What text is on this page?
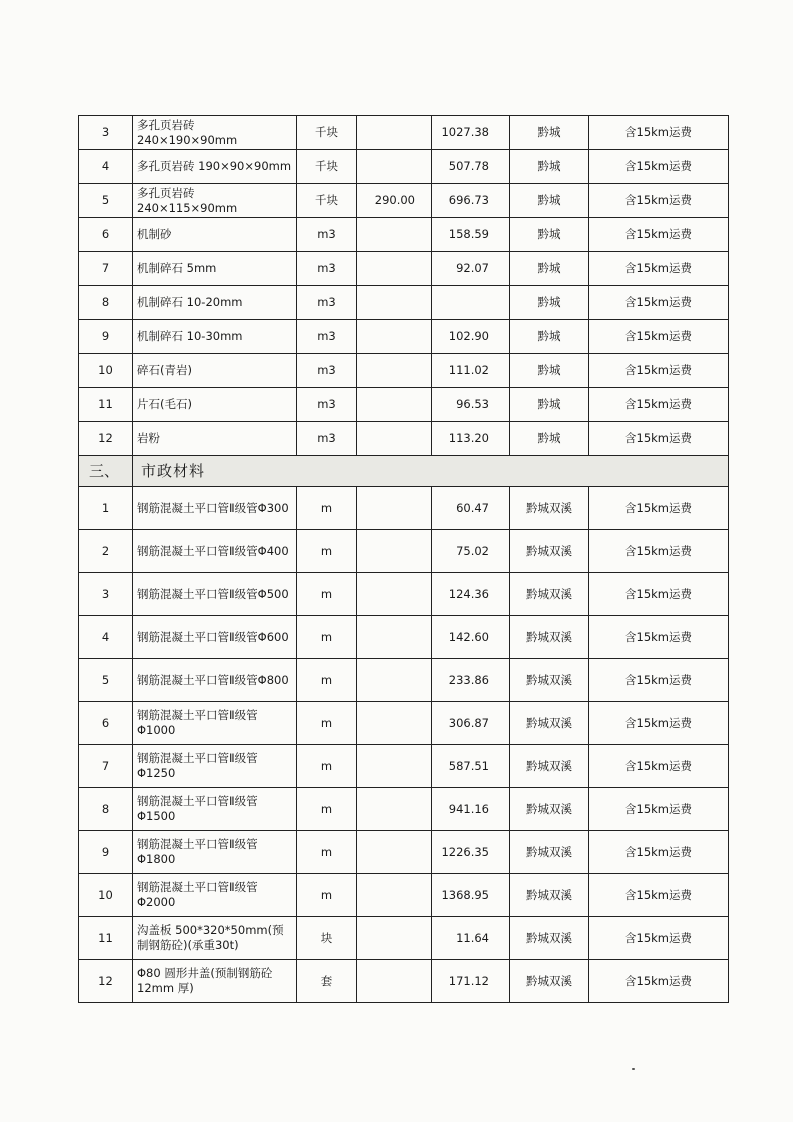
3	多孔页岩砖 240×190×90mm	千块		1027.38	黔城	含15km运费
4	多孔页岩砖 190×90×90mm	千块		507.78	黔城	含15km运费
5	多孔页岩砖 240×115×90mm	千块	290.00	696.73	黔城	含15km运费
6	机制砂	m3		158.59	黔城	含15km运费
7	机制碎石 5mm	m3		92.07	黔城	含15km运费
8	机制碎石 10-20mm	m3			黔城	含15km运费
9	机制碎石 10-30mm	m3		102.90	黔城	含15km运费
10	碎石(青岩)	m3		111.02	黔城	含15km运费
11	片石(毛石)	m3		96.53	黔城	含15km运费
12	岩粉	m3		113.20	黔城	含15km运费
三、	市政材料					
1	钢筋混凝土平口管Ⅱ级管Φ300	m		60.47	黔城双溪	含15km运费
2	钢筋混凝土平口管Ⅱ级管Φ400	m		75.02	黔城双溪	含15km运费
3	钢筋混凝土平口管Ⅱ级管Φ500	m		124.36	黔城双溪	含15km运费
4	钢筋混凝土平口管Ⅱ级管Φ600	m		142.60	黔城双溪	含15km运费
5	钢筋混凝土平口管Ⅱ级管Φ800	m		233.86	黔城双溪	含15km运费
6	钢筋混凝土平口管Ⅱ级管Φ1000	m		306.87	黔城双溪	含15km运费
7	钢筋混凝土平口管Ⅱ级管Φ1250	m		587.51	黔城双溪	含15km运费
8	钢筋混凝土平口管Ⅱ级管Φ1500	m		941.16	黔城双溪	含15km运费
9	钢筋混凝土平口管Ⅱ级管Φ1800	m		1226.35	黔城双溪	含15km运费
10	钢筋混凝土平口管Ⅱ级管Φ2000	m		1368.95	黔城双溪	含15km运费
11	沟盖板 500*320*50mm(预制钢筋砼)(承重30t)	块		11.64	黔城双溪	含15km运费
12	Φ80 圆形井盖(预制钢筋砼 12mm 厚)	套		171.12	黔城双溪	含15km运费
